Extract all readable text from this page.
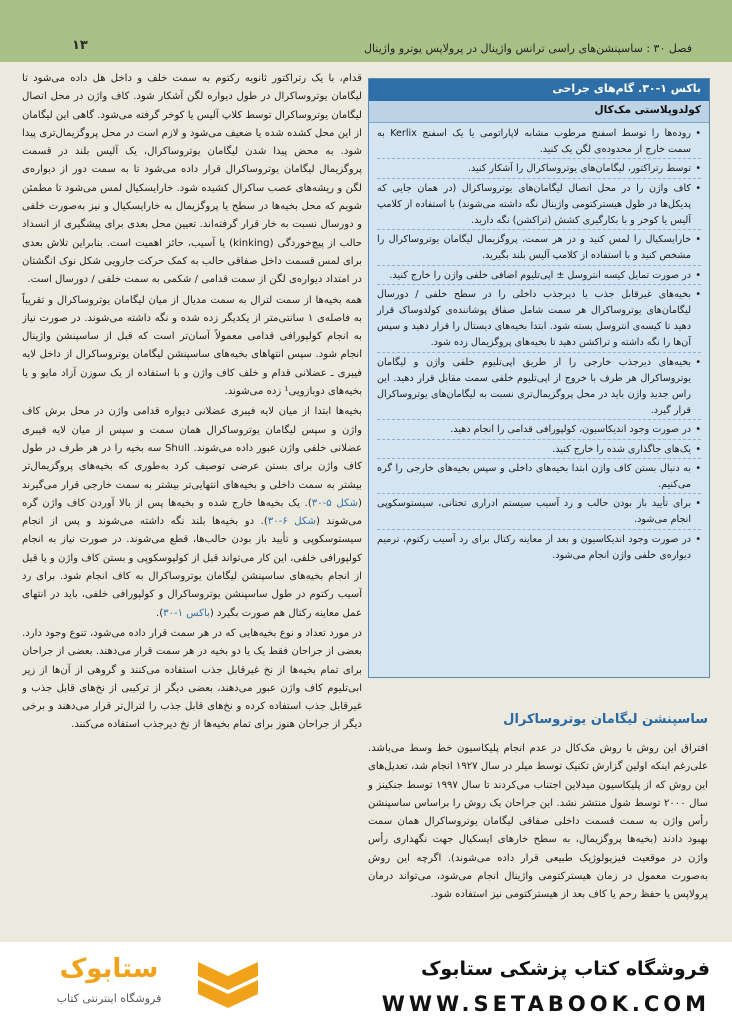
۱۳	فصل ۳۰ : ساسپنشن‌های راسی ترانس واژینال در پرولاپس یوترو واژینال

قدام، با یک رتراکتور ثانویه رکتوم به سمت خلف و داخل هل داده می‌شود تا لیگامان یوتروساکرال در طول دیواره لگن آشکار شود. کاف واژن در محل اتصال لیگامان یوتروساکرال توسط کلاپ آلیس یا کوخر گرفته می‌شود. گاهی این لیگامان از این محل کشده شده یا ضعیف می‌شود و لازم است در محل پروگزیمال‌تری پیدا شود. به محض پیدا شدن لیگامان یوتروساکرال، یک آلیس بلند در قسمت پروگزیمال لیگامان یوتروساکرال قرار داده می‌شود تا به سمت دور از دیواره‌ی لگن و ریشه‌های عصب ساکرال کشیده شود. خارایسکیال لمس می‌شود تا مطمئن شویم که محل بخیه‌ها در سطح یا پروگزیمال به خارایسکیال و نیز به‌صورت خلفی و دورسال نسبت به خار قرار گرفته‌اند. تعیین محل بعدی برای پیشگیری از انسداد حالب از پیچ‌خوردگی (kinking) یا آسیب، حائز اهمیت است. بنابراین تلاش بعدی برای لمس قسمت داخل صفاقی حالب به کمک حرکت جارویی شکل نوک انگشتان در امتداد دیواره‌ی لگن از سمت قدامی / شکمی به سمت خلفی / دورسال است.

همه بخیه‌ها از سمت لترال به سمت مدیال از میان لیگامان یوتروساکرال و تقریباً به فاصله‌ی ۱ سانتی‌متر از یکدیگر زده شده و نگه داشته می‌شوند. در صورت نیاز به انجام کولپورافی قدامی معمولاً آسان‌تر است که قبل از ساسپنشن واژینال انجام شود. سپس انتهاهای بخیه‌های ساسپنشن لیگامان یوتروساکرال از داخل لایه فیبری ـ عضلانی قدام و خلف کاف واژن و با استفاده از یک سوزن آزاد مایو و یا بخیه‌های دوبازویی¹ زده می‌شوند.

بخیه‌ها ابتدا از میان لایه فیبری عضلانی دیواره قدامی واژن در محل برش کاف واژن و سپس لیگامان یوتروساکرال همان سمت و سپس از میان لایه فیبری عضلانی خلفی واژن عبور داده می‌شوند. Shull سه بخیه را در هر طرف در طول کاف واژن برای بستن عرضی توصیف کرد به‌طوری که بخیه‌های پروگزیمال‌تر بیشتر به سمت داخلی و بخیه‌های انتهایی‌تر بیشتر به سمت خارجی قرار می‌گیرند (شکل ۵-۳۰). یک بخیه‌ها خارج شده و بخیه‌ها پس از بالا آوردن کاف واژن گره می‌شوند (شکل ۶-۳۰). دو بخیه‌ها بلند نگه داشته می‌شوند و پس از انجام سیستوسکوپی و تأیید باز بودن حالب‌ها، قطع می‌شوند. در صورت نیاز به انجام کولپورافی خلفی، این کار می‌تواند قبل از کولپوسکوپی و بستن کاف واژن و یا قبل از انجام بخیه‌های ساسپنشن لیگامان یوتروساکرال به کاف انجام شود. برای رد آسیب رکتوم در طول ساسپنشن یوتروساکرال و کولپورافی خلفی، باید در انتهای عمل معاینه رکتال هم صورت بگیرد (باکس ۱-۳۰).

در مورد تعداد و نوع بخیه‌هایی که در هر سمت قرار داده می‌شود، تنوع وجود دارد. بعضی از جراحان فقط یک یا دو بخیه در هر سمت قرار می‌دهند. بعضی از جراحان برای تمام بخیه‌ها از نخ غیرقابل جذب استفاده می‌کنند و گروهی از آن‌ها از زیر ابی‌تلیوم کاف واژن عبور می‌دهند، بعضی دیگر از ترکیبی از نخ‌های قابل جذب و غیرقابل جذب استفاده کرده و نخ‌های قابل جذب را لترال‌تر قرار می‌دهند و برخی دیگر از جراحان هنوز برای تمام بخیه‌ها از نخ دیرجذب استفاده می‌کنند.

باکس ۱-۳۰. گام‌های جراحی
کولدوپلاستی مک‌کال
• روده‌ها را توسط اسفنج مرطوب مشابه لاپاراتومی یا یک اسفنج Kerlix به سمت خارج از محدوده‌ی لگن یک کنید.
• توسط رتراکتور، لیگامان‌های یوتروساکرال را آشکار کنید.
• کاف واژن را در محل اتصال لیگامان‌های یوتروساکرال (در همان جایی که پدیکل‌ها در طول هیسترکتومی واژینال نگه داشته می‌شوند) با استفاده از کلامپ آلیس یا کوخر و با بکارگیری کشش (تراکشن) نگه دارید.
• خارایسکیال را لمس کنید و در هر سمت، پروگزیمال لیگامان یوتروساکرال را مشخص کنید و با استفاده از کلامپ آلیس بلند بگیرید.
• در صورت تمایل کیسه انتروسل ± اپی‌تلیوم اضافی خلفی واژن را خارج کنید.
• بخیه‌های غیرقابل جذب یا دیرجذب داخلی را در سطح خلفی / دورسال لیگامان‌های یوتروساکرال هر سمت شامل صفاق پوشاننده‌ی کولدوساک قرار دهید تا کیسه‌ی انتروسل بسته شود. ابتدا بخیه‌های دیستال را قرار دهید و سپس آن‌ها را نگه داشته و تراکشن دهید تا بخیه‌های پروگزیمال زده شود.
• بخیه‌های دیرجذب خارجی را از طریق اپی‌تلیوم خلفی واژن و لیگامان یوتروساکرال هر طرف با خروج از اپی‌تلیوم خلفی سمت مقابل قرار دهید. این راس جدید واژن باید در محل پروگزیمال‌تری نسبت به لیگامان‌های یوتروساکرال قرار گیرد.
• در صورت وجود اندیکاسیون، کولپورافی قدامی را انجام دهید.
• یک‌های جاگذاری شده را خارج کنید.
• به دنبال بستن کاف واژن ابتدا بخیه‌های داخلی و سپس بخیه‌های خارجی را گره می‌کنیم.
• برای تأیید باز بودن حالب و رد آسیب سیستم ادراری تحتانی، سیستوسکوپی انجام می‌شود.
• در صورت وجود اندیکاسیون و بعد از معاینه رکتال برای رد آسیب رکتوم، ترمیم دیواره‌ی خلفی واژن انجام می‌شود.
ساسپنشن لیگامان یوتروساکرال

افتراق این روش با روش مک‌کال در عدم انجام پلیکاسیون خط وسط می‌باشد. علی‌رغم اینکه اولین گزارش تکنیک توسط میلر در سال ۱۹۲۷ انجام شد، تعدیل‌های این روش که از پلیکاسیون میدلاین اجتناب می‌کردند تا سال ۱۹۹۷ توسط جنکینز و سال ۲۰۰۰ توسط شول منتشر نشد. این جراحان یک روش را براساس ساسپنشن رأس واژن به سمت قسمت داخلی صفاقی لیگامان یوتروساکرال همان سمت بهبود دادند (بخیه‌ها پروگزیمال، به سطح خارهای ایسکیال جهت نگهداری رأس واژن در موقعیت فیزیولوژیک طبیعی قرار داده می‌شوند). اگرچه این روش به‌صورت معمول در زمان هیسترکتومی واژینال انجام می‌شود، می‌تواند درمان پرولاپس یا حفظ رحم یا کاف بعد از هیسترکتومی نیز استفاده شود.

ستابوک
فروشگاه اینترنتی کتاب
فروشگاه کتاب پزشکی ستابوک
WWW.SETABOOK.COM
